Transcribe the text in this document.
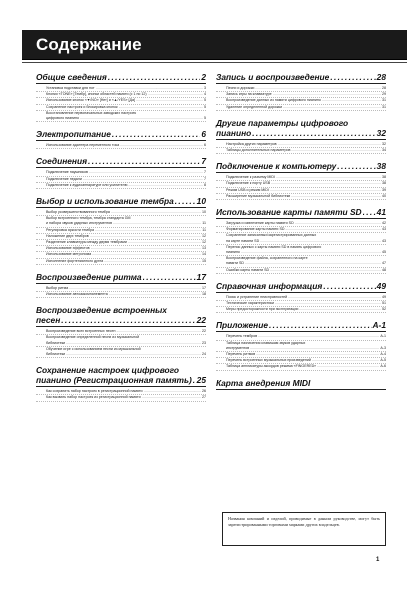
Содержание
Общие сведения . . .	2
Установка подставки для нот .....	3
Кнопки «TONE» [Тембр], кнопки областей памяти (с 1 по 12) .....	4
Использование кнопок «▼/NO» [Нет] и «▲/YES» [Да] .....	5
Сохранение настроек и блокировка кнопок .....	5
Восстановление первоначальных заводских настроек
цифрового пианино .....	5
Электропитание . . .	6
Использование адаптера переменного тока .....	6
Соединения . . .	7
Подключение наушников .....	7
Подключение педали .....	7
Подключение к аудиоаппаратуре или усилителю .....	8
Выбор и использование тембра . . .	10
Выбор усовершенствованного тембра .....	10
Выбор встроенного тембра, тембра стандарта GM
и набора звуков ударных инструментов .....	11
Регулировка яркости тембра .....	11
Наложение двух тембров .....	12
Разделение клавиатуры между двумя тембрами .....	12
Использование эффектов .....	13
Использование метронома .....	14
Исполнение фортепианного дуэта .....	15
Воспроизведение ритма . . .	17
Выбор ритма .....	17
Использование автоаккомпанемента .....	18
Воспроизведение встроенных
песен . . .	22
Воспроизведение всех встроенных песен .....	22
Воспроизведение определенной песни из музыкальной
библиотеки .....	23
Обучение игре с использованием песни из музыкальной
библиотеки .....	24
Сохранение настроек цифрового
пианино (Регистрационная память) . . . 25
Как сохранить набор настроек в регистрационной памяти .....	26
Как вызвать набор настроек из регистрационной памяти .....	27
Запись и воспроизведение . . .	28
Песни и дорожки .....	28
Запись игры на клавиатуре .....	29
Воспроизведение данных из памяти цифрового пианино .....	31
Удаление определенной дорожки .....	31
Другие параметры цифрового
пианино . . .	32
Настройка других параметров .....	32
Таблицы дополнительных параметров .....	34
Подключение к компьютеру . . .	38
Подключение к разъему MIDI .....	38
Подключение к порту USB .....	38
Режим USB и режим MIDI .....	39
Расширение музыкальной библиотеки .....	40
Использование карты памяти SD . . . 41
Загрузка и извлечение карты памяти SD .....	42
Форматирование карты памяти SD .....	43
Сохранение записанных/зарегистрированных данных
на карте памяти SD .....	43
Перенос данных с карты памяти SD в память цифрового
пианино .....	45
Воспроизведение файла, сохраненного на карте
памяти SD .....	47
Ошибки карты памяти SD .....	48
Справочная информация . . .	49
Поиск и устранение неисправностей .....	49
Технические характеристики .....	51
Меры предосторожности при эксплуатации .....	52
Приложение . . .	A-1
Перечень тембров .....	A-1
Таблица назначения клавишам звуков ударных
инструментов .....	A-3
Перечень ритмов .....	A-4
Перечень встроенных музыкальных произведений .....	A-5
Таблица аппликатуры аккордов режима «FINGERED» .....	A-6
Карта внедрения MIDI
Названия компаний и изделий, приводимые в данном руководстве, могут быть зарегистрированными торговыми марками других владельцев.
1
